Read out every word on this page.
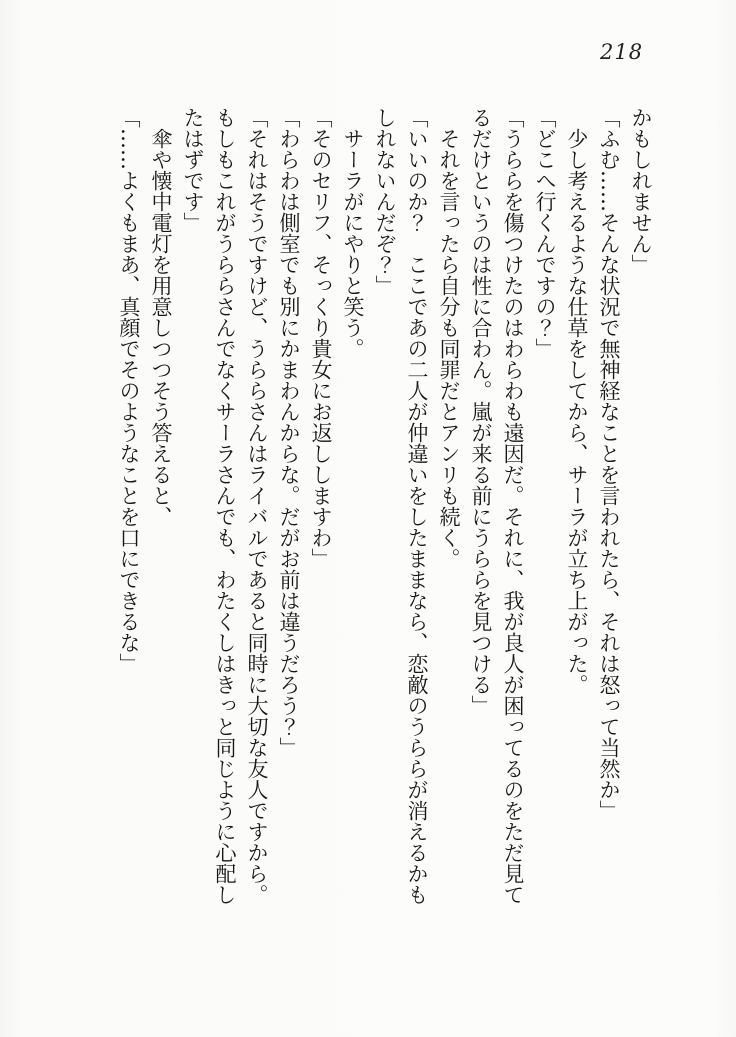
218

かもしれません」

「ふむ……そんな状況で無神経なことを言われたら、それは怒って当然か」

少し考えるような仕草をしてから、サーラが立ち上がった。

「どこへ行くんですの？」

「うららを傷つけたのはわらわも遠因だ。それに、我が良人が困ってるのをただ見て

るだけというのは性に合わん。嵐が来る前にうららを見つける」

それを言ったら自分も同罪だとアンリも続く。

「いいのか？　ここであの二人が仲違いをしたままなら、恋敵のうららが消えるかも

しれないんだぞ？」

サーラがにやりと笑う。

「そのセリフ、そっくり貴女にお返ししますわ」

「わらわは側室でも別にかまわんからな。だがお前は違うだろう？」

「それはそうですけど、うららさんはライバルであると同時に大切な友人ですから。

もしもこれがうららさんでなくサーラさんでも、わたくしはきっと同じように心配し

たはずです」

傘や懐中電灯を用意しつつそう答えると、

「……よくもまあ、真顔でそのようなことを口にできるな」
